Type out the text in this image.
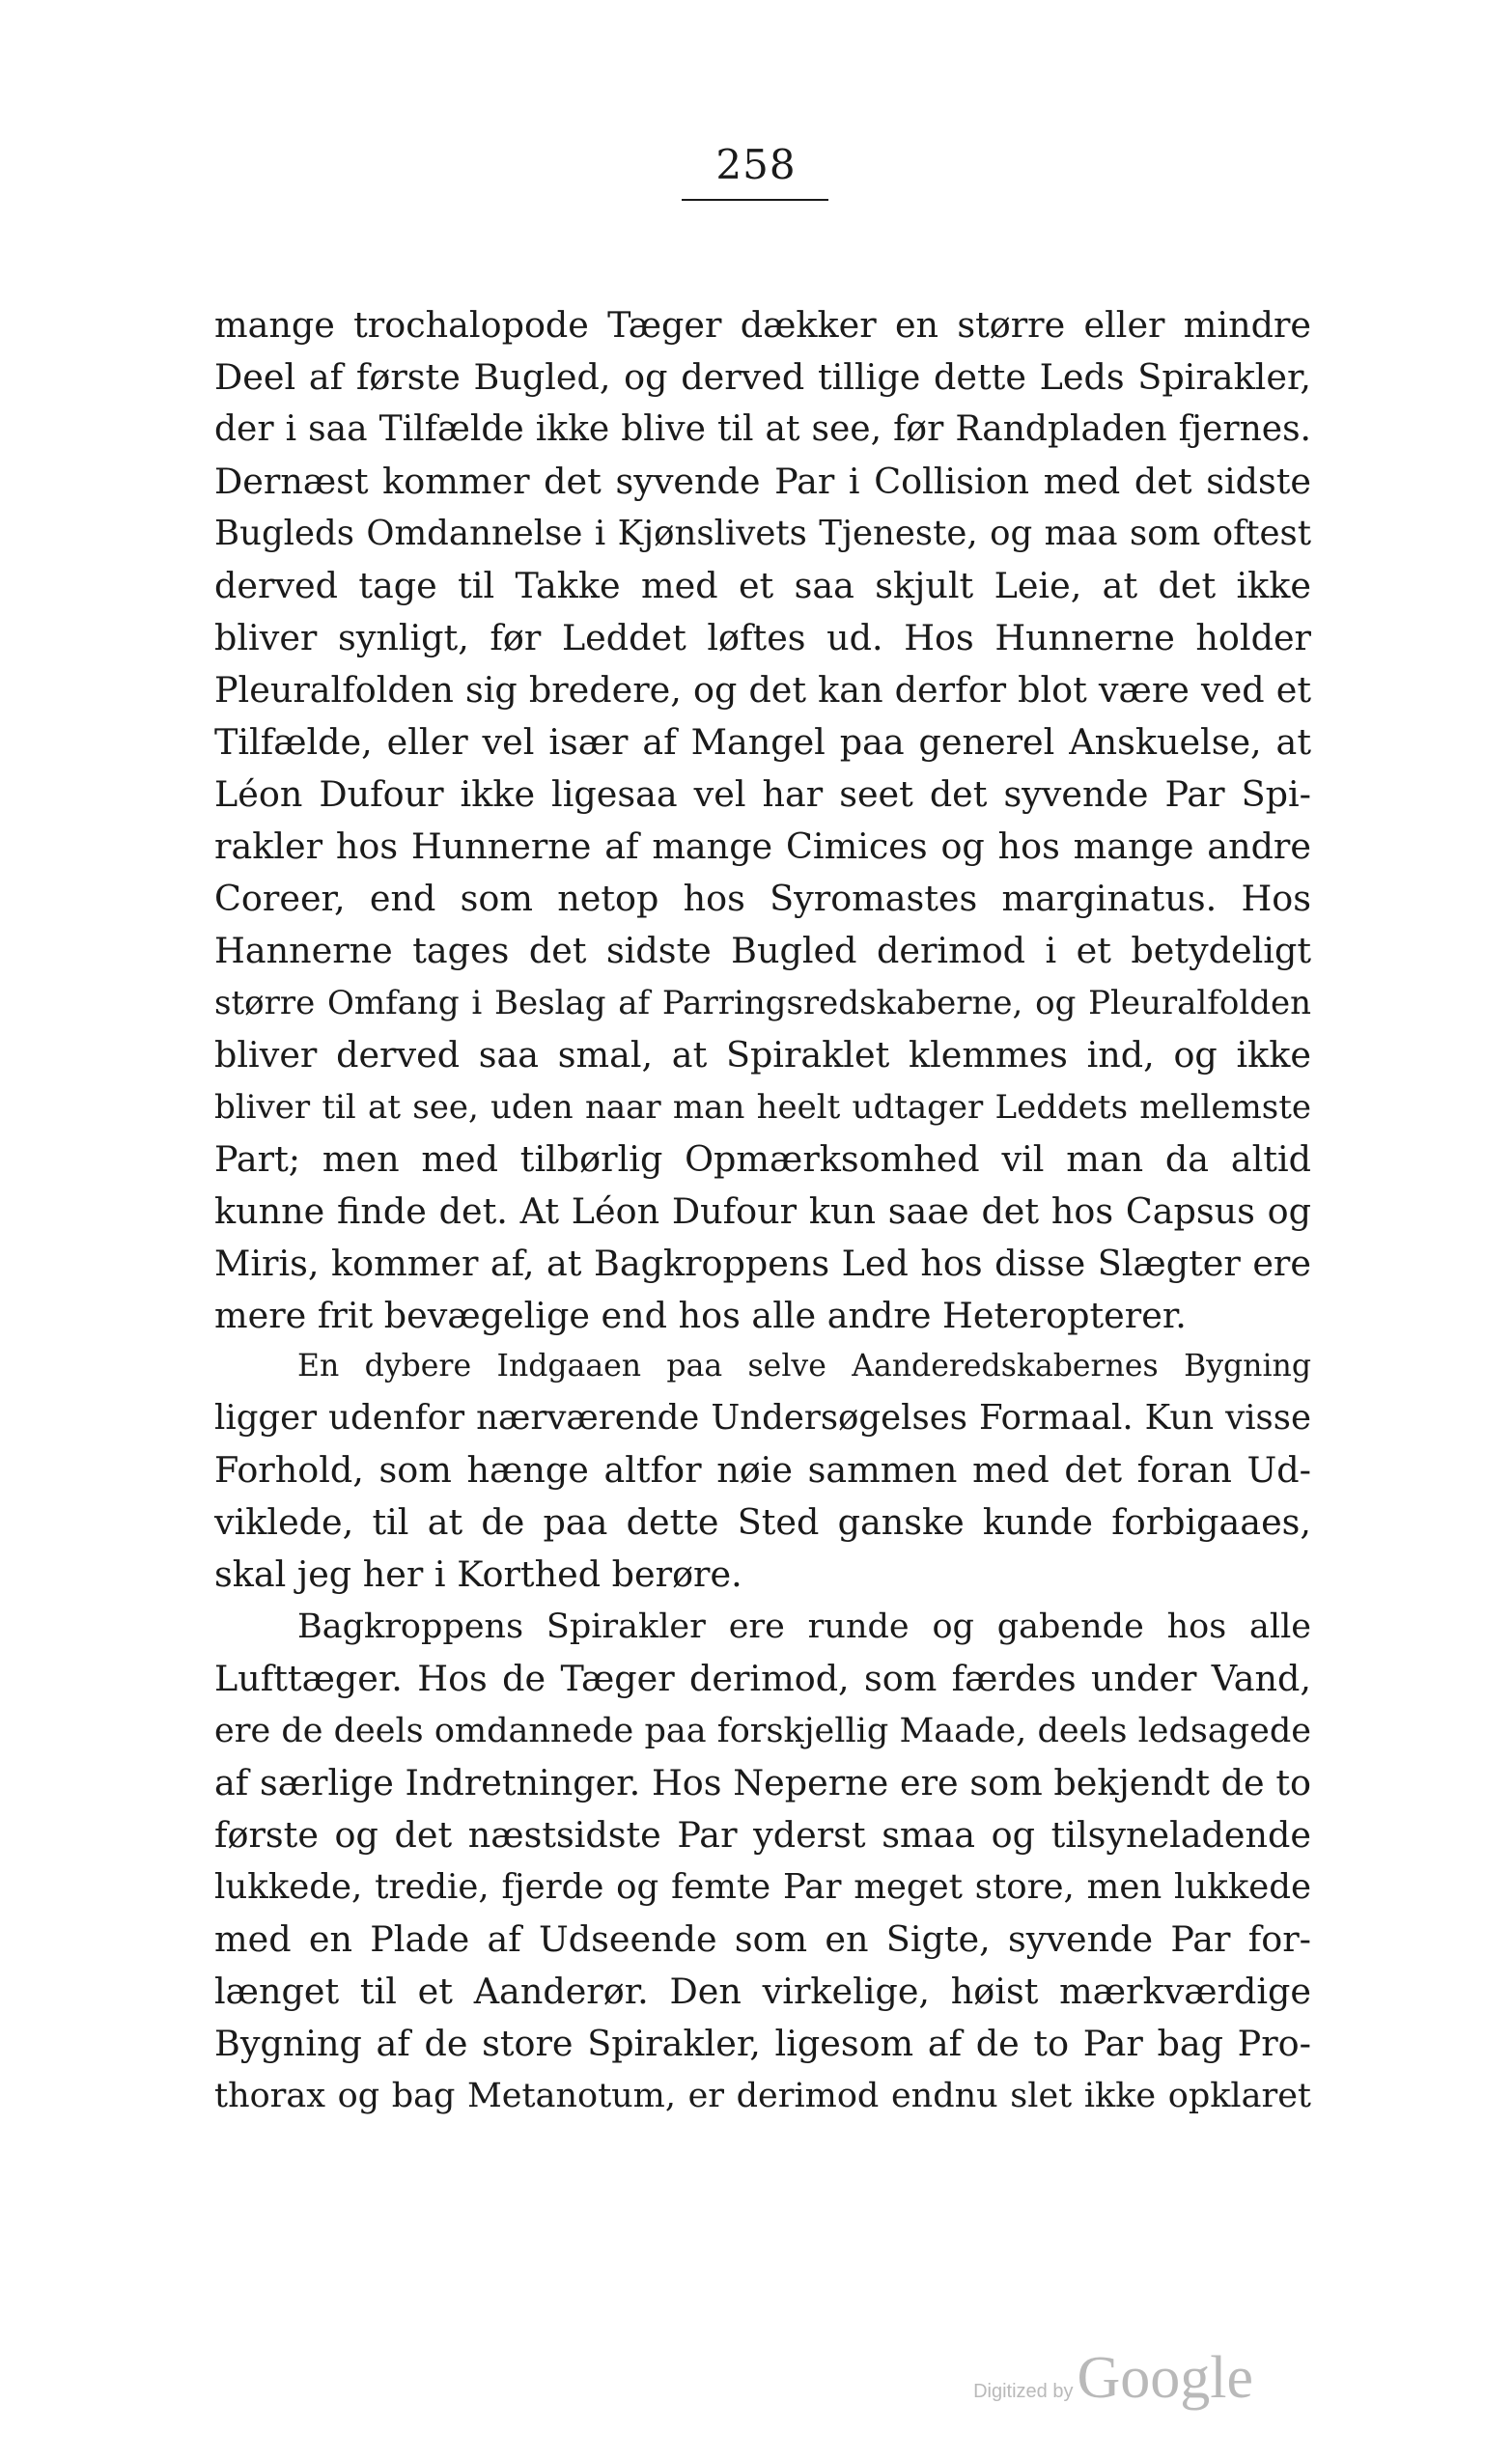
258
mange trochalopode Tæger dækker en større eller mindre
Deel af første Bugled, og derved tillige dette Leds Spirakler,
der i saa Tilfælde ikke blive til at see, før Randpladen fjernes.
Dernæst kommer det syvende Par i Collision med det sidste
Bugleds Omdannelse i Kjønslivets Tjeneste, og maa som oftest
derved tage til Takke med et saa skjult Leie, at det ikke
bliver synligt, før Leddet løftes ud. Hos Hunnerne holder
Pleuralfolden sig bredere, og det kan derfor blot være ved et
Tilfælde, eller vel især af Mangel paa generel Anskuelse, at
Léon Dufour ikke ligesaa vel har seet det syvende Par Spi-
rakler hos Hunnerne af mange Cimices og hos mange andre
Coreer, end som netop hos Syromastes marginatus. Hos
Hannerne tages det sidste Bugled derimod i et betydeligt
større Omfang i Beslag af Parringsredskaberne, og Pleuralfolden
bliver derved saa smal, at Spiraklet klemmes ind, og ikke
bliver til at see, uden naar man heelt udtager Leddets mellemste
Part; men med tilbørlig Opmærksomhed vil man da altid
kunne finde det. At Léon Dufour kun saae det hos Capsus og
Miris, kommer af, at Bagkroppens Led hos disse Slægter ere
mere frit bevægelige end hos alle andre Heteropterer.
En dybere Indgaaen paa selve Aanderedskabernes Bygning
ligger udenfor nærværende Undersøgelses Formaal. Kun visse
Forhold, som hænge altfor nøie sammen med det foran Ud-
viklede, til at de paa dette Sted ganske kunde forbigaaes,
skal jeg her i Korthed berøre.
Bagkroppens Spirakler ere runde og gabende hos alle
Lufttæger. Hos de Tæger derimod, som færdes under Vand,
ere de deels omdannede paa forskjellig Maade, deels ledsagede
af særlige Indretninger. Hos Neperne ere som bekjendt de to
første og det næstsidste Par yderst smaa og tilsyneladende
lukkede, tredie, fjerde og femte Par meget store, men lukkede
med en Plade af Udseende som en Sigte, syvende Par for-
længet til et Aanderør. Den virkelige, høist mærkværdige
Bygning af de store Spirakler, ligesom af de to Par bag Pro-
thorax og bag Metanotum, er derimod endnu slet ikke opklaret
Digitized byGoogle
